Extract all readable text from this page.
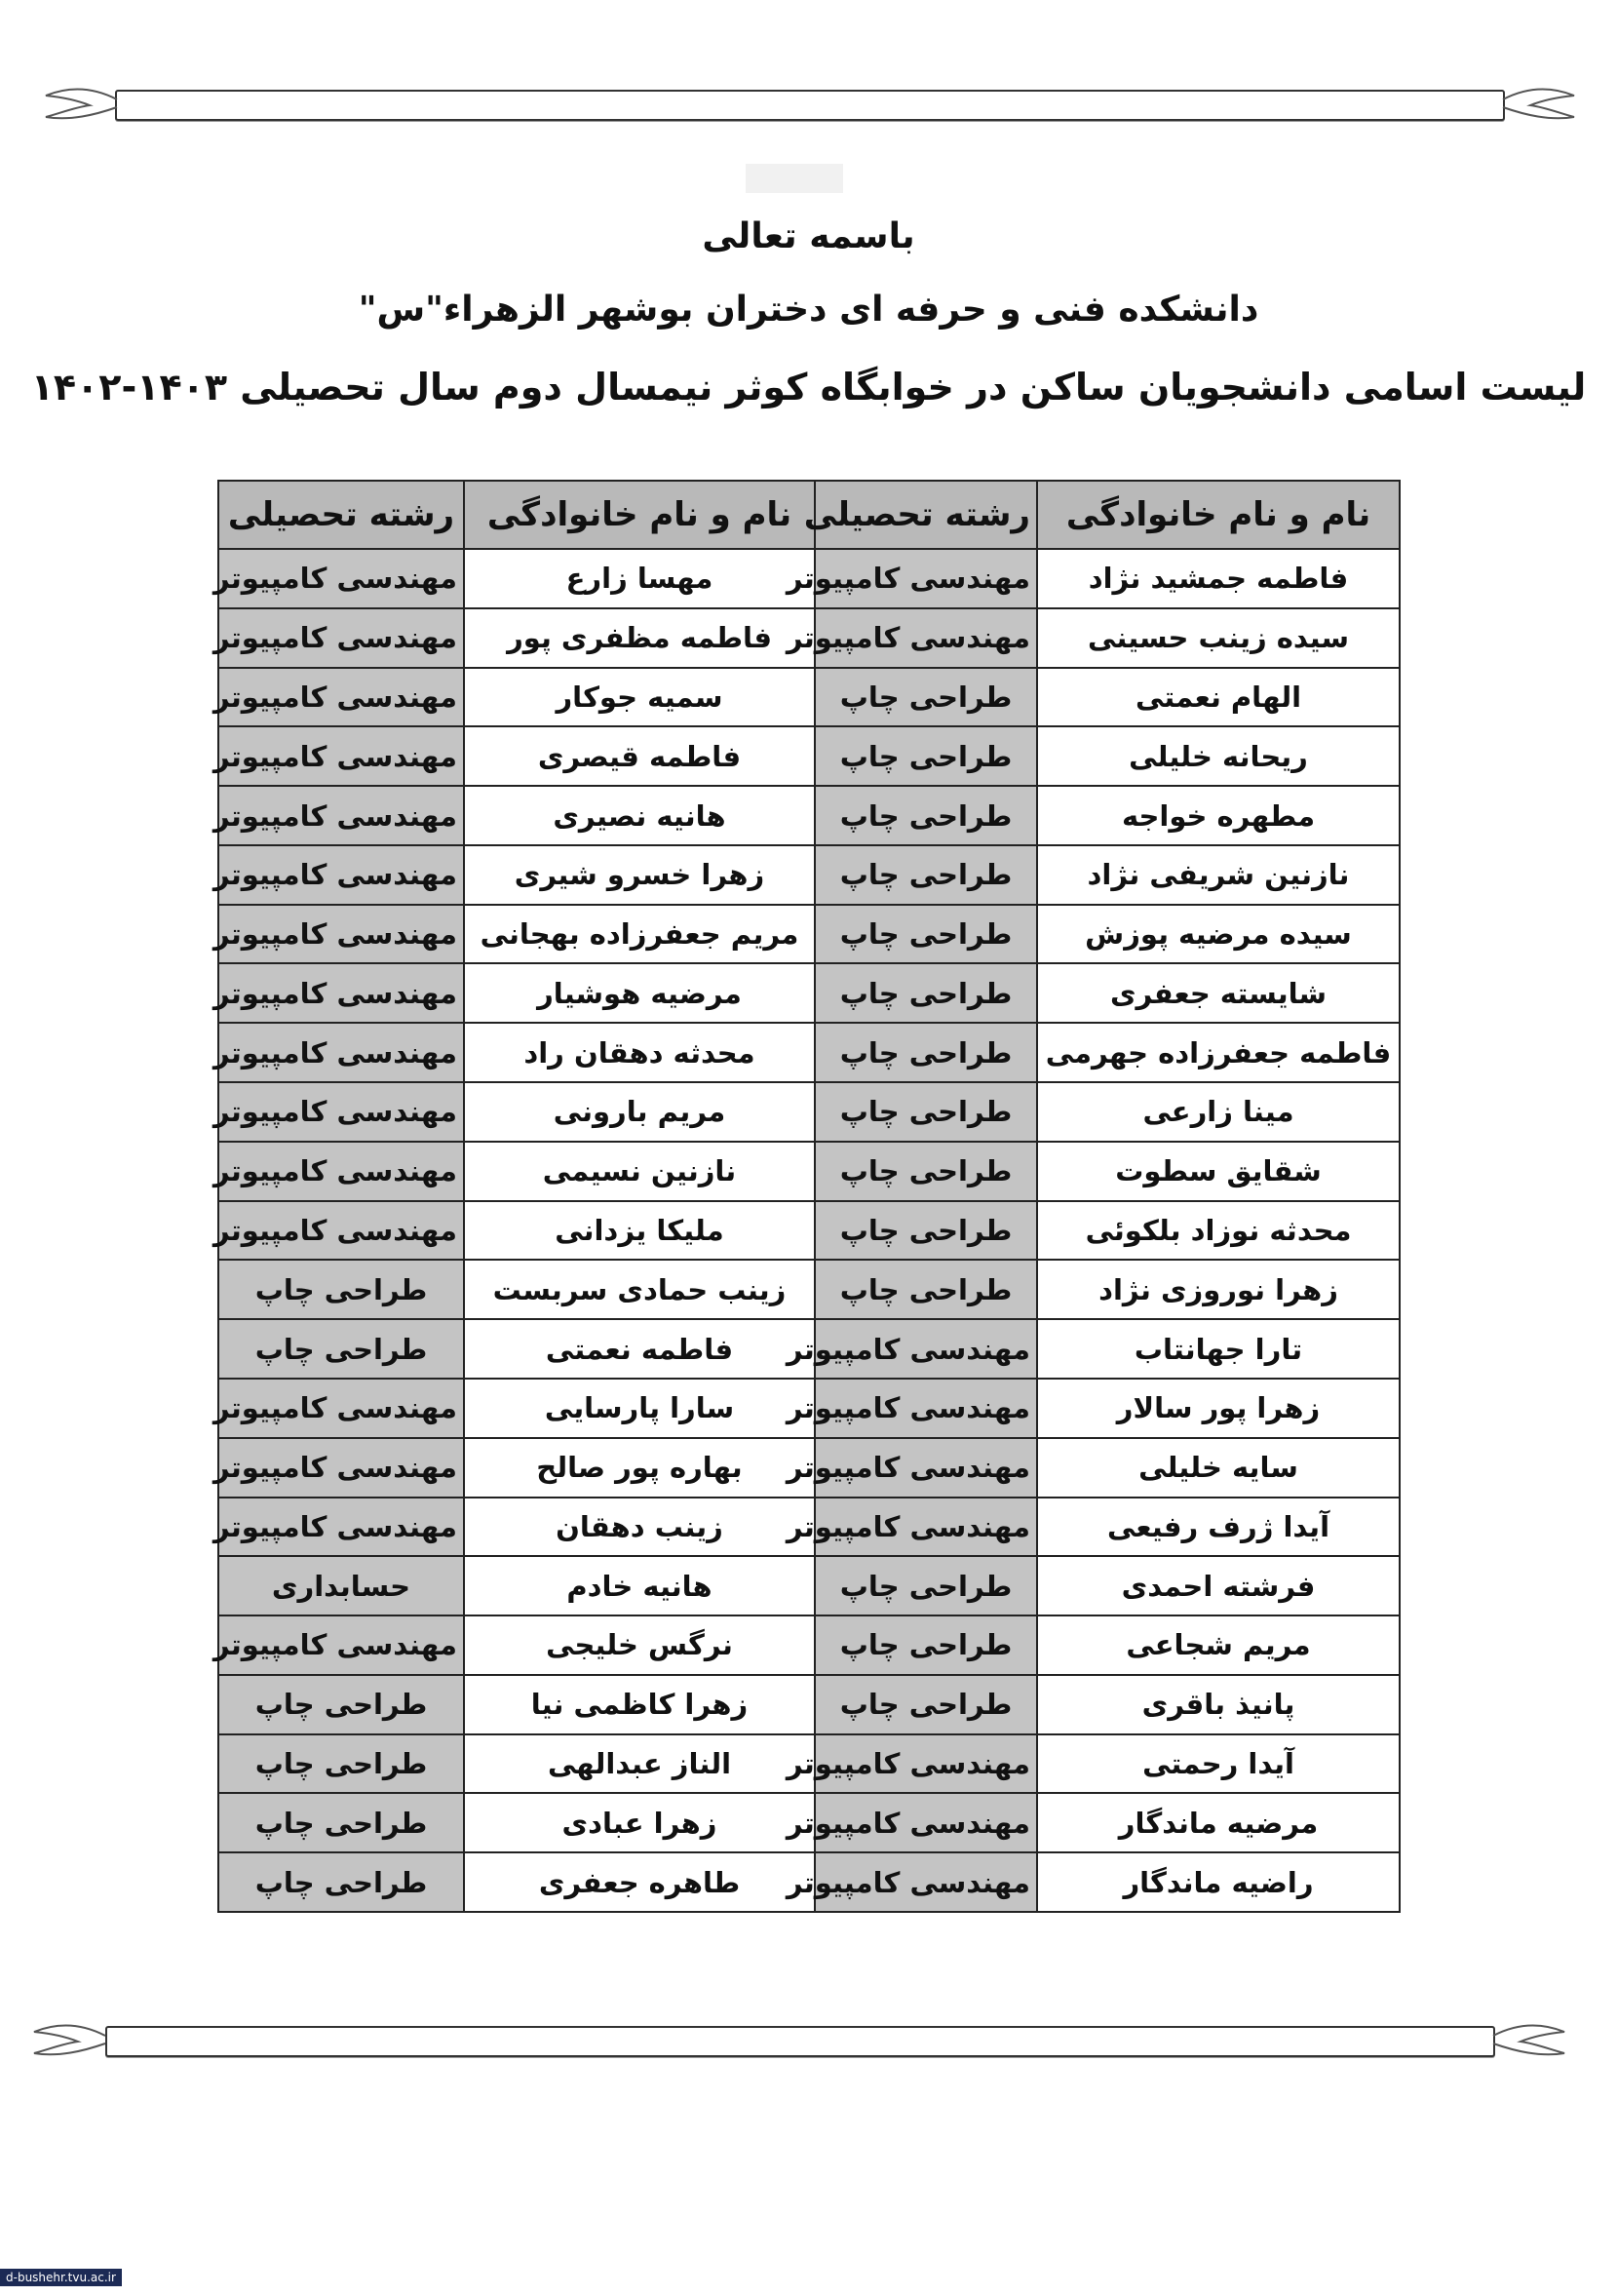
باسمه تعالی
دانشکده فنی و حرفه ای دختران بوشهر الزهراء"س"
لیست اسامی دانشجویان ساکن در خوابگاه کوثر نیمسال دوم سال تحصیلی ۱۴۰۳-۱۴۰۲
نام و نام خانوادگی	رشته تحصیلی	نام و نام خانوادگی	رشته تحصیلی
فاطمه جمشید نژاد	مهندسی کامپیوتر	مهسا زارع	مهندسی کامپیوتر
سیده زینب حسینی	مهندسی کامپیوتر	فاطمه مظفری پور	مهندسی کامپیوتر
الهام نعمتی	طراحی چاپ	سمیه جوکار	مهندسی کامپیوتر
ریحانه خلیلی	طراحی چاپ	فاطمه قیصری	مهندسی کامپیوتر
مطهره خواجه	طراحی چاپ	هانیه نصیری	مهندسی کامپیوتر
نازنین شریفی نژاد	طراحی چاپ	زهرا خسرو شیری	مهندسی کامپیوتر
سیده مرضیه پوزش	طراحی چاپ	مریم جعفرزاده بهجانی	مهندسی کامپیوتر
شایسته جعفری	طراحی چاپ	مرضیه هوشیار	مهندسی کامپیوتر
فاطمه جعفرزاده جهرمی	طراحی چاپ	محدثه دهقان راد	مهندسی کامپیوتر
مینا زارعی	طراحی چاپ	مریم بارونی	مهندسی کامپیوتر
شقایق سطوت	طراحی چاپ	نازنین نسیمی	مهندسی کامپیوتر
محدثه نوزاد بلکوئی	طراحی چاپ	ملیکا یزدانی	مهندسی کامپیوتر
زهرا نوروزی نژاد	طراحی چاپ	زینب حمادی سربست	طراحی چاپ
تارا جهانتاب	مهندسی کامپیوتر	فاطمه نعمتی	طراحی چاپ
زهرا پور سالار	مهندسی کامپیوتر	سارا پارسایی	مهندسی کامپیوتر
سایه خلیلی	مهندسی کامپیوتر	بهاره پور صالح	مهندسی کامپیوتر
آیدا ژرف رفیعی	مهندسی کامپیوتر	زینب دهقان	مهندسی کامپیوتر
فرشته احمدی	طراحی چاپ	هانیه خادم	حسابداری
مریم شجاعی	طراحی چاپ	نرگس خلیجی	مهندسی کامپیوتر
پانیذ باقری	طراحی چاپ	زهرا کاظمی نیا	طراحی چاپ
آیدا رحمتی	مهندسی کامپیوتر	الناز عبدالهی	طراحی چاپ
مرضیه ماندگار	مهندسی کامپیوتر	زهرا عبادی	طراحی چاپ
راضیه ماندگار	مهندسی کامپیوتر	طاهره جعفری	طراحی چاپ
d-bushehr.tvu.ac.ir
